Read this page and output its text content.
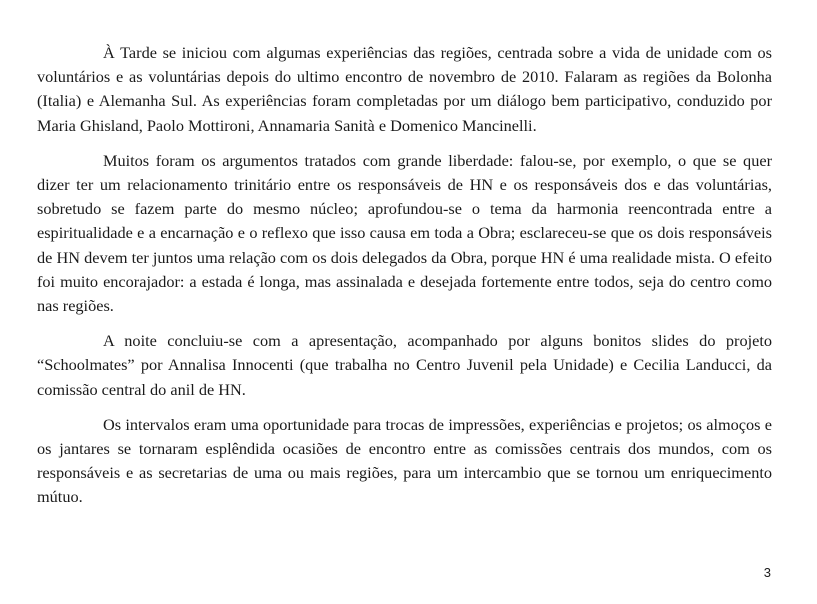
À Tarde se iniciou com algumas experiências das regiões, centrada sobre a vida de unidade com os voluntários e as voluntárias depois do ultimo encontro de novembro de 2010. Falaram as regiões da Bolonha (Italia) e Alemanha Sul. As experiências foram completadas por um diálogo bem participativo, conduzido por Maria Ghisland, Paolo Mottironi, Annamaria Sanità e Domenico Mancinelli.

Muitos foram os argumentos tratados com grande liberdade: falou-se, por exemplo, o que se quer dizer ter um relacionamento trinitário entre os responsáveis de HN e os responsáveis dos e das voluntárias, sobretudo se fazem parte do mesmo núcleo; aprofundou-se o tema da harmonia reencontrada entre a espiritualidade e a encarnação e o reflexo que isso causa em toda a Obra; esclareceu-se que os dois responsáveis de HN devem ter juntos uma relação com os dois delegados da Obra, porque HN é uma realidade mista. O efeito foi muito encorajador: a estada é longa, mas assinalada e desejada fortemente entre todos, seja do centro como nas regiões.

A noite concluiu-se com a apresentação, acompanhado por alguns bonitos slides do projeto “Schoolmates” por Annalisa Innocenti (que trabalha no Centro Juvenil pela Unidade) e Cecilia Landucci, da comissão central do anil de HN.

Os intervalos eram uma oportunidade para trocas de impressões, experiências e projetos; os almoços e os jantares se tornaram esplêndida ocasiões de encontro entre as comissões centrais dos mundos, com os responsáveis e as secretarias de uma ou mais regiões, para um intercambio que se tornou um enriquecimento mútuo.

3
